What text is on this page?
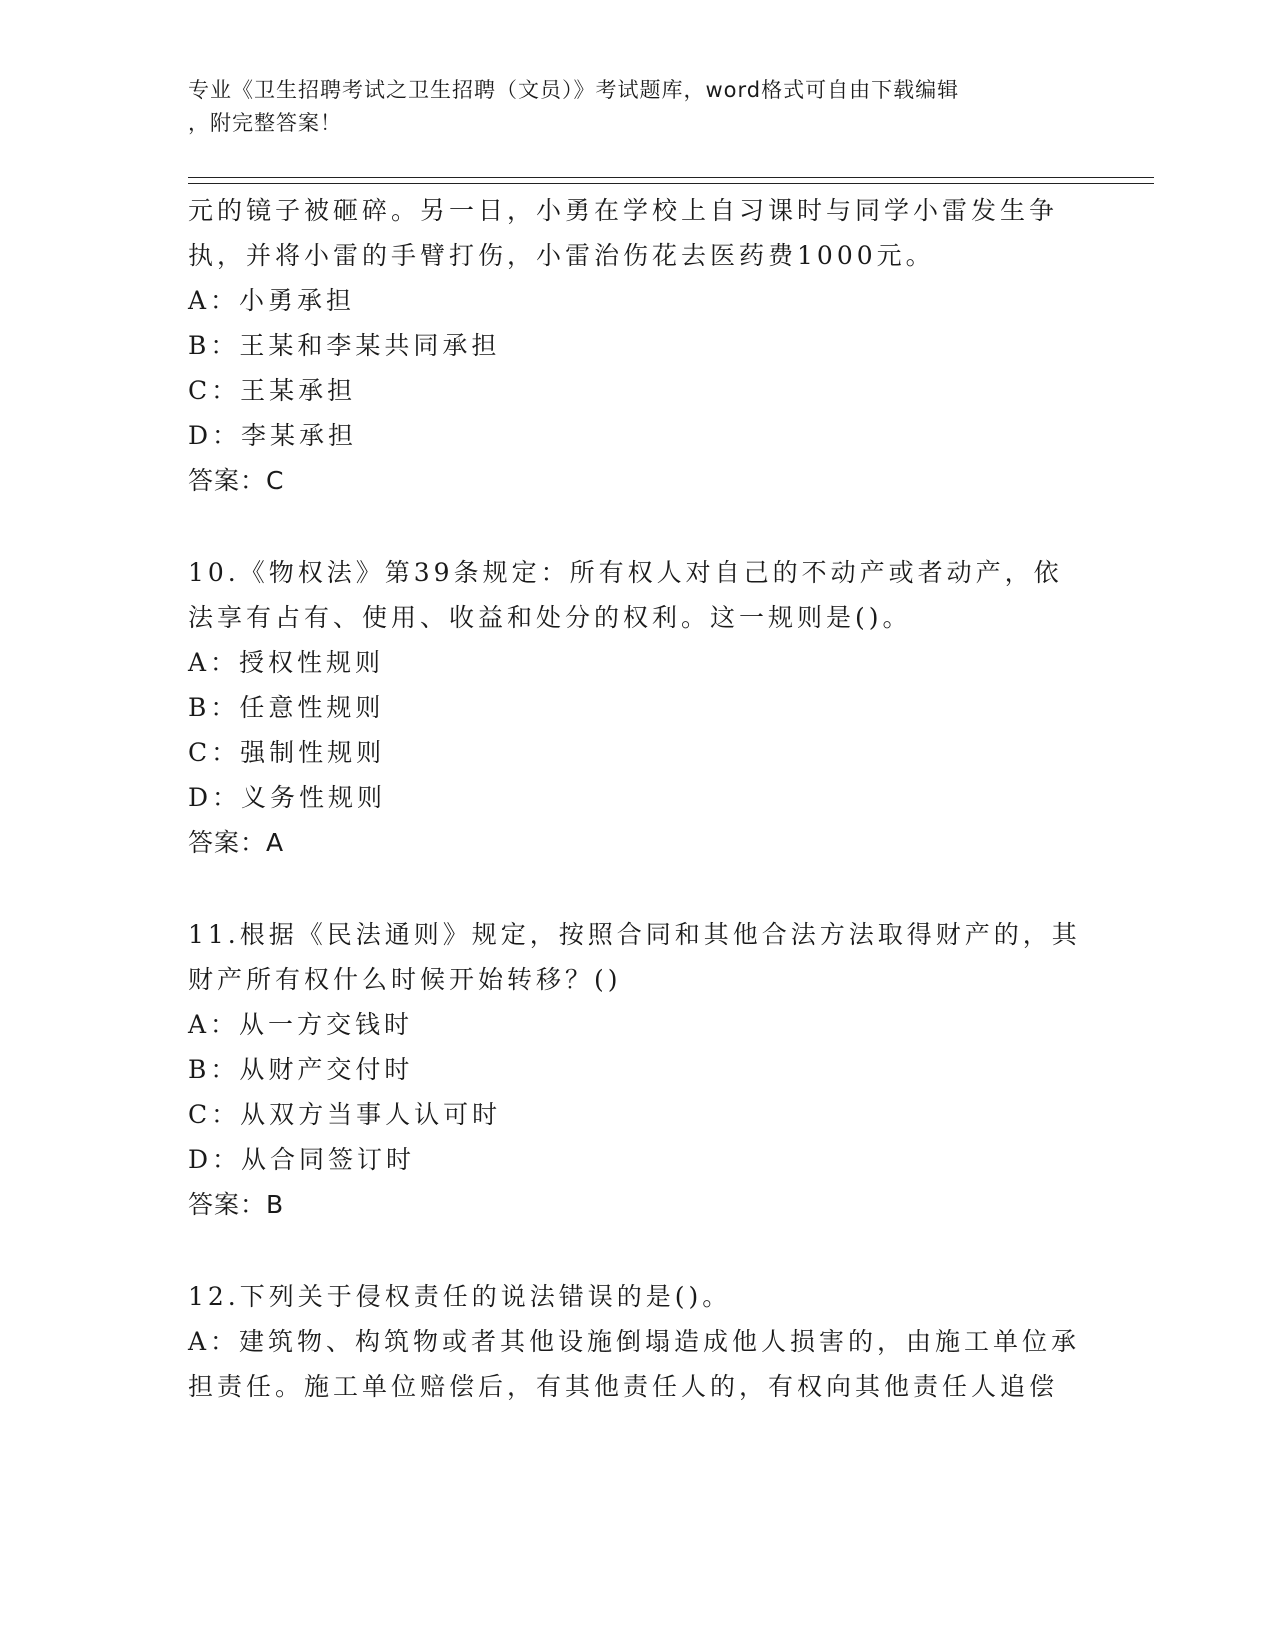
专业《卫生招聘考试之卫生招聘（文员）》考试题库，word格式可自由下载编辑
，附完整答案！

元的镜子被砸碎。另一日，小勇在学校上自习课时与同学小雷发生争

执，并将小雷的手臂打伤，小雷治伤花去医药费1000元。

A：小勇承担

B：王某和李某共同承担

C：王某承担

D：李某承担

答案：C

10.《物权法》第39条规定：所有权人对自己的不动产或者动产，依

法享有占有、使用、收益和处分的权利。这一规则是()。

A：授权性规则

B：任意性规则

C：强制性规则

D：义务性规则

答案：A

11.根据《民法通则》规定，按照合同和其他合法方法取得财产的，其

财产所有权什么时候开始转移？()

A：从一方交钱时

B：从财产交付时

C：从双方当事人认可时

D：从合同签订时

答案：B

12.下列关于侵权责任的说法错误的是()。

A：建筑物、构筑物或者其他设施倒塌造成他人损害的，由施工单位承

担责任。施工单位赔偿后，有其他责任人的，有权向其他责任人追偿
